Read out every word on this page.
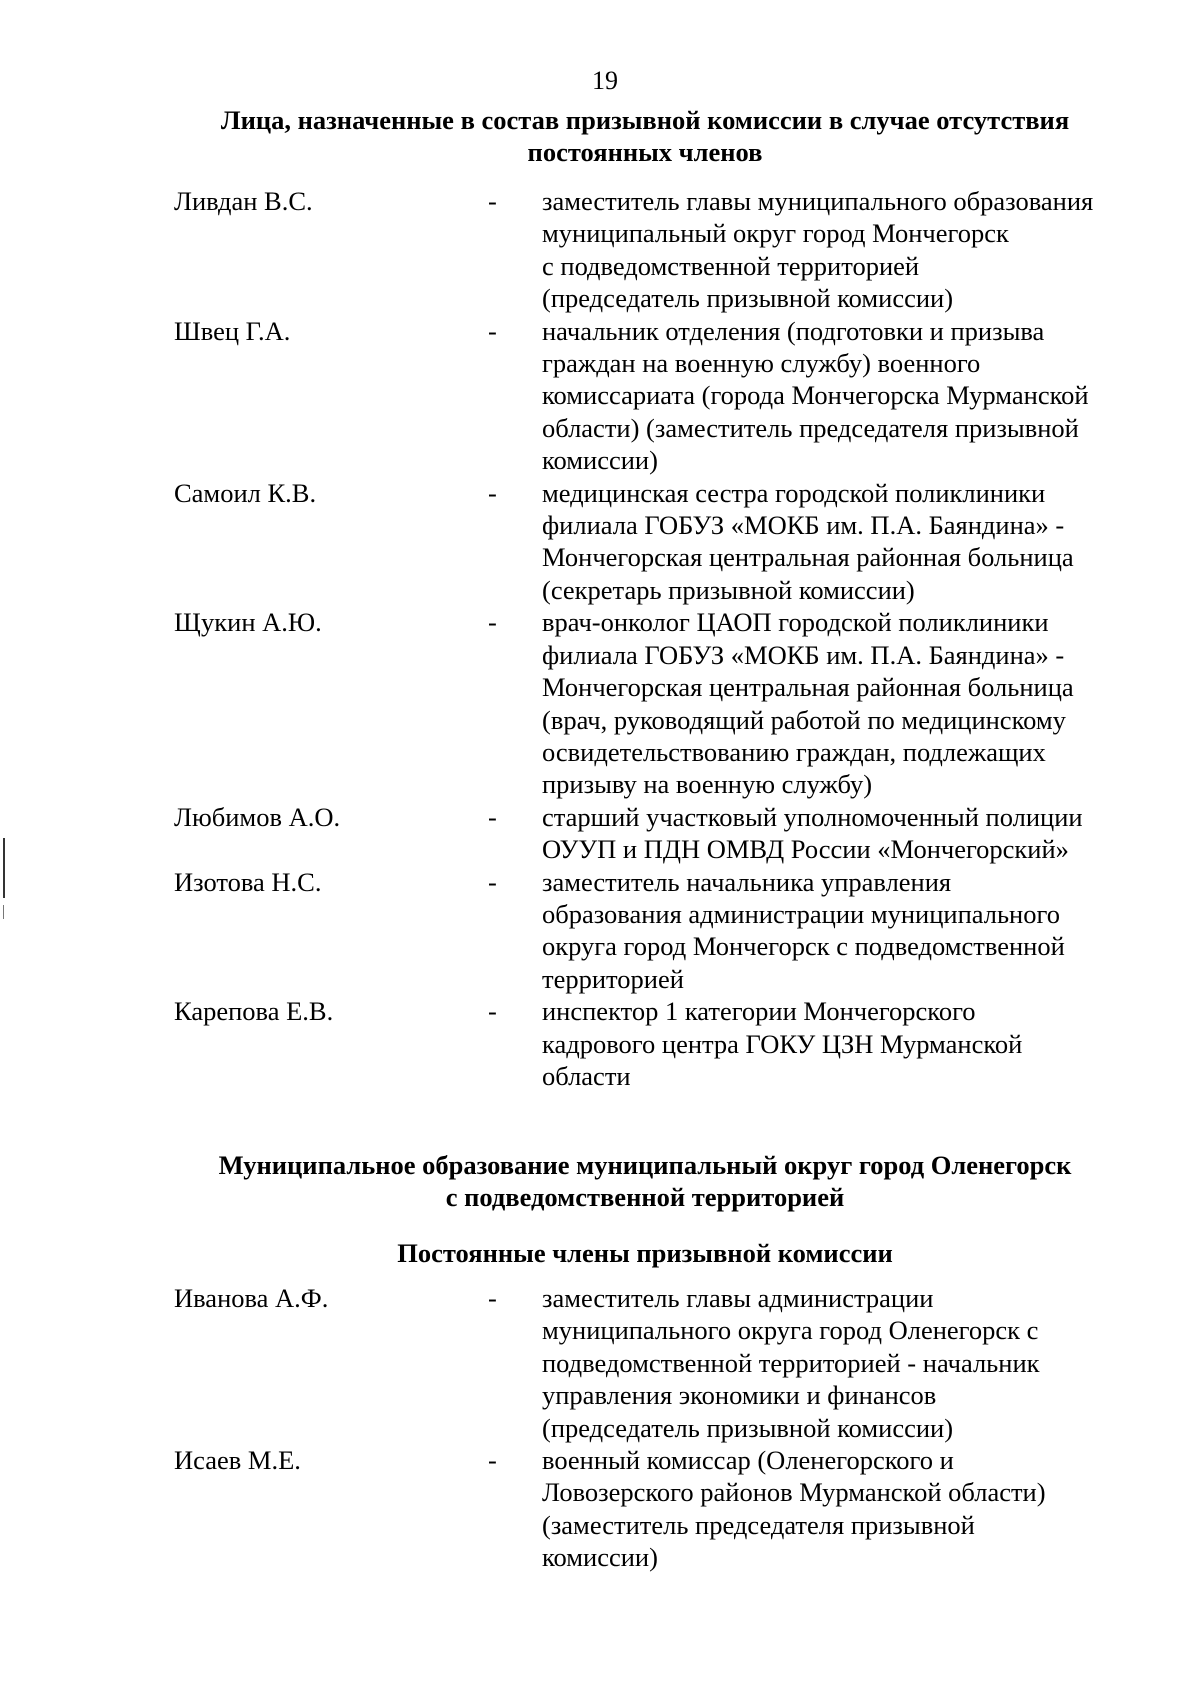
19
Лица, назначенные в состав призывной комиссии в случае отсутствия
постоянных членов
Ливдан В.С.	-	заместитель главы муниципального образования
муниципальный округ город Мончегорск
с подведомственной территорией
(председатель призывной комиссии)
Швец Г.А.	-	начальник отделения (подготовки и призыва
граждан на военную службу) военного
комиссариата (города Мончегорска Мурманской
области) (заместитель председателя призывной
комиссии)
Самоил К.В.	-	медицинская сестра городской поликлиники
филиала ГОБУЗ «МОКБ им. П.А. Баяндина» -
Мончегорская центральная районная больница
(секретарь призывной комиссии)
Щукин А.Ю.	-	врач-онколог ЦАОП городской поликлиники
филиала ГОБУЗ «МОКБ им. П.А. Баяндина» -
Мончегорская центральная районная больница
(врач, руководящий работой по медицинскому
освидетельствованию граждан, подлежащих
призыву на военную службу)
Любимов А.О.	-	старший участковый уполномоченный полиции
ОУУП и ПДН ОМВД России «Мончегорский»
Изотова Н.С.	-	заместитель начальника управления
образования администрации муниципального
округа город Мончегорск с подведомственной
территорией
Карепова Е.В.	-	инспектор 1 категории Мончегорского
кадрового центра ГОКУ ЦЗН Мурманской
области
Муниципальное образование муниципальный округ город Оленегорск
с подведомственной территорией
Постоянные члены призывной комиссии
Иванова А.Ф.	-	заместитель главы администрации
муниципального округа город Оленегорск с
подведомственной территорией - начальник
управления экономики и финансов
(председатель призывной комиссии)
Исаев М.Е.	-	военный комиссар (Оленегорского и
Ловозерского районов Мурманской области)
(заместитель председателя призывной
комиссии)
